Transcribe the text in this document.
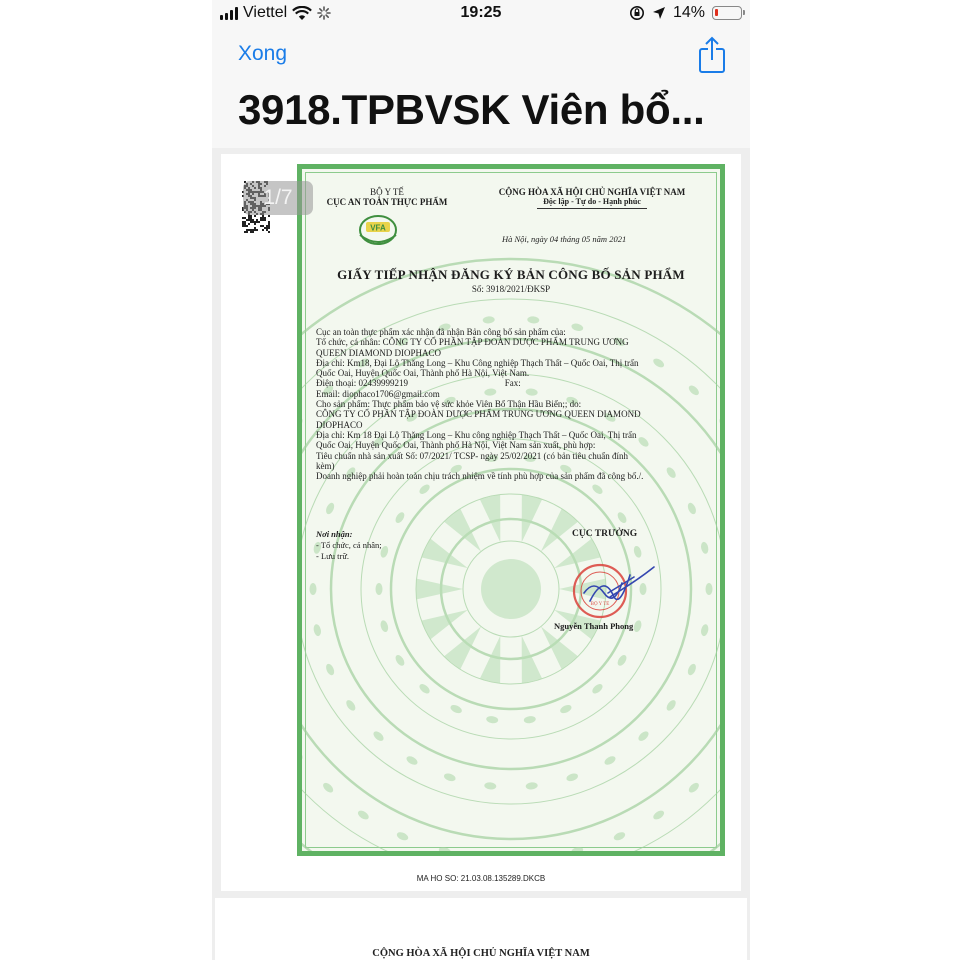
Viettel	19:25	14%
Xong
3918.TPBVSK Viên bổ...
1/7	BỘ Y TẾ
CỤC AN TOÀN THỰC PHẨM
VFA
CỘNG HÒA XÃ HỘI CHỦ NGHĨA VIỆT NAM
Độc lập - Tự do - Hạnh phúc
Hà Nội, ngày 04 tháng 05 năm 2021
GIẤY TIẾP NHẬN ĐĂNG KÝ BẢN CÔNG BỐ SẢN PHẨM
Số: 3918/2021/ĐKSP
Cục an toàn thực phẩm xác nhận đã nhận Bản công bố sản phẩm của:
Tổ chức, cá nhân: CÔNG TY CỔ PHẦN TẬP ĐOÀN DƯỢC PHẨM TRUNG ƯƠNG
QUEEN DIAMOND DIOPHACO
Địa chỉ: Km18, Đại Lộ Thăng Long – Khu Công nghiệp Thạch Thất – Quốc Oai, Thị trấn
Quốc Oai, Huyện Quốc Oai, Thành phố Hà Nội, Việt Nam.
Điện thoại: 02439999219                                           Fax:
Email: diophaco1706@gmail.com
Cho sản phẩm: Thực phẩm bảo vệ sức khỏe Viên Bổ Thận Hầu Biển;; do:
CÔNG TY CỔ PHẦN TẬP ĐOÀN DƯỢC PHẨM TRUNG ƯƠNG QUEEN DIAMOND
DIOPHACO
Địa chỉ: Km 18 Đại Lộ Thăng Long – Khu công nghiệp Thạch Thất – Quốc Oai, Thị trấn
Quốc Oai, Huyện Quốc Oai, Thành phố Hà Nội, Việt Nam sản xuất, phù hợp:
Tiêu chuẩn nhà sản xuất Số: 07/2021/ TCSP- ngày 25/02/2021 (có bản tiêu chuẩn đính
kèm)
Doanh nghiệp phải hoàn toàn chịu trách nhiệm về tính phù hợp của sản phẩm đã công bố./.
Nơi nhận:
- Tổ chức, cá nhân;
- Lưu trữ.
CỤC TRƯỞNG
BỘ Y TẾ
Nguyễn Thanh Phong
MA HO SO: 21.03.08.135289.DKCB
CỘNG HÒA XÃ HỘI CHỦ NGHĨA VIỆT NAM
